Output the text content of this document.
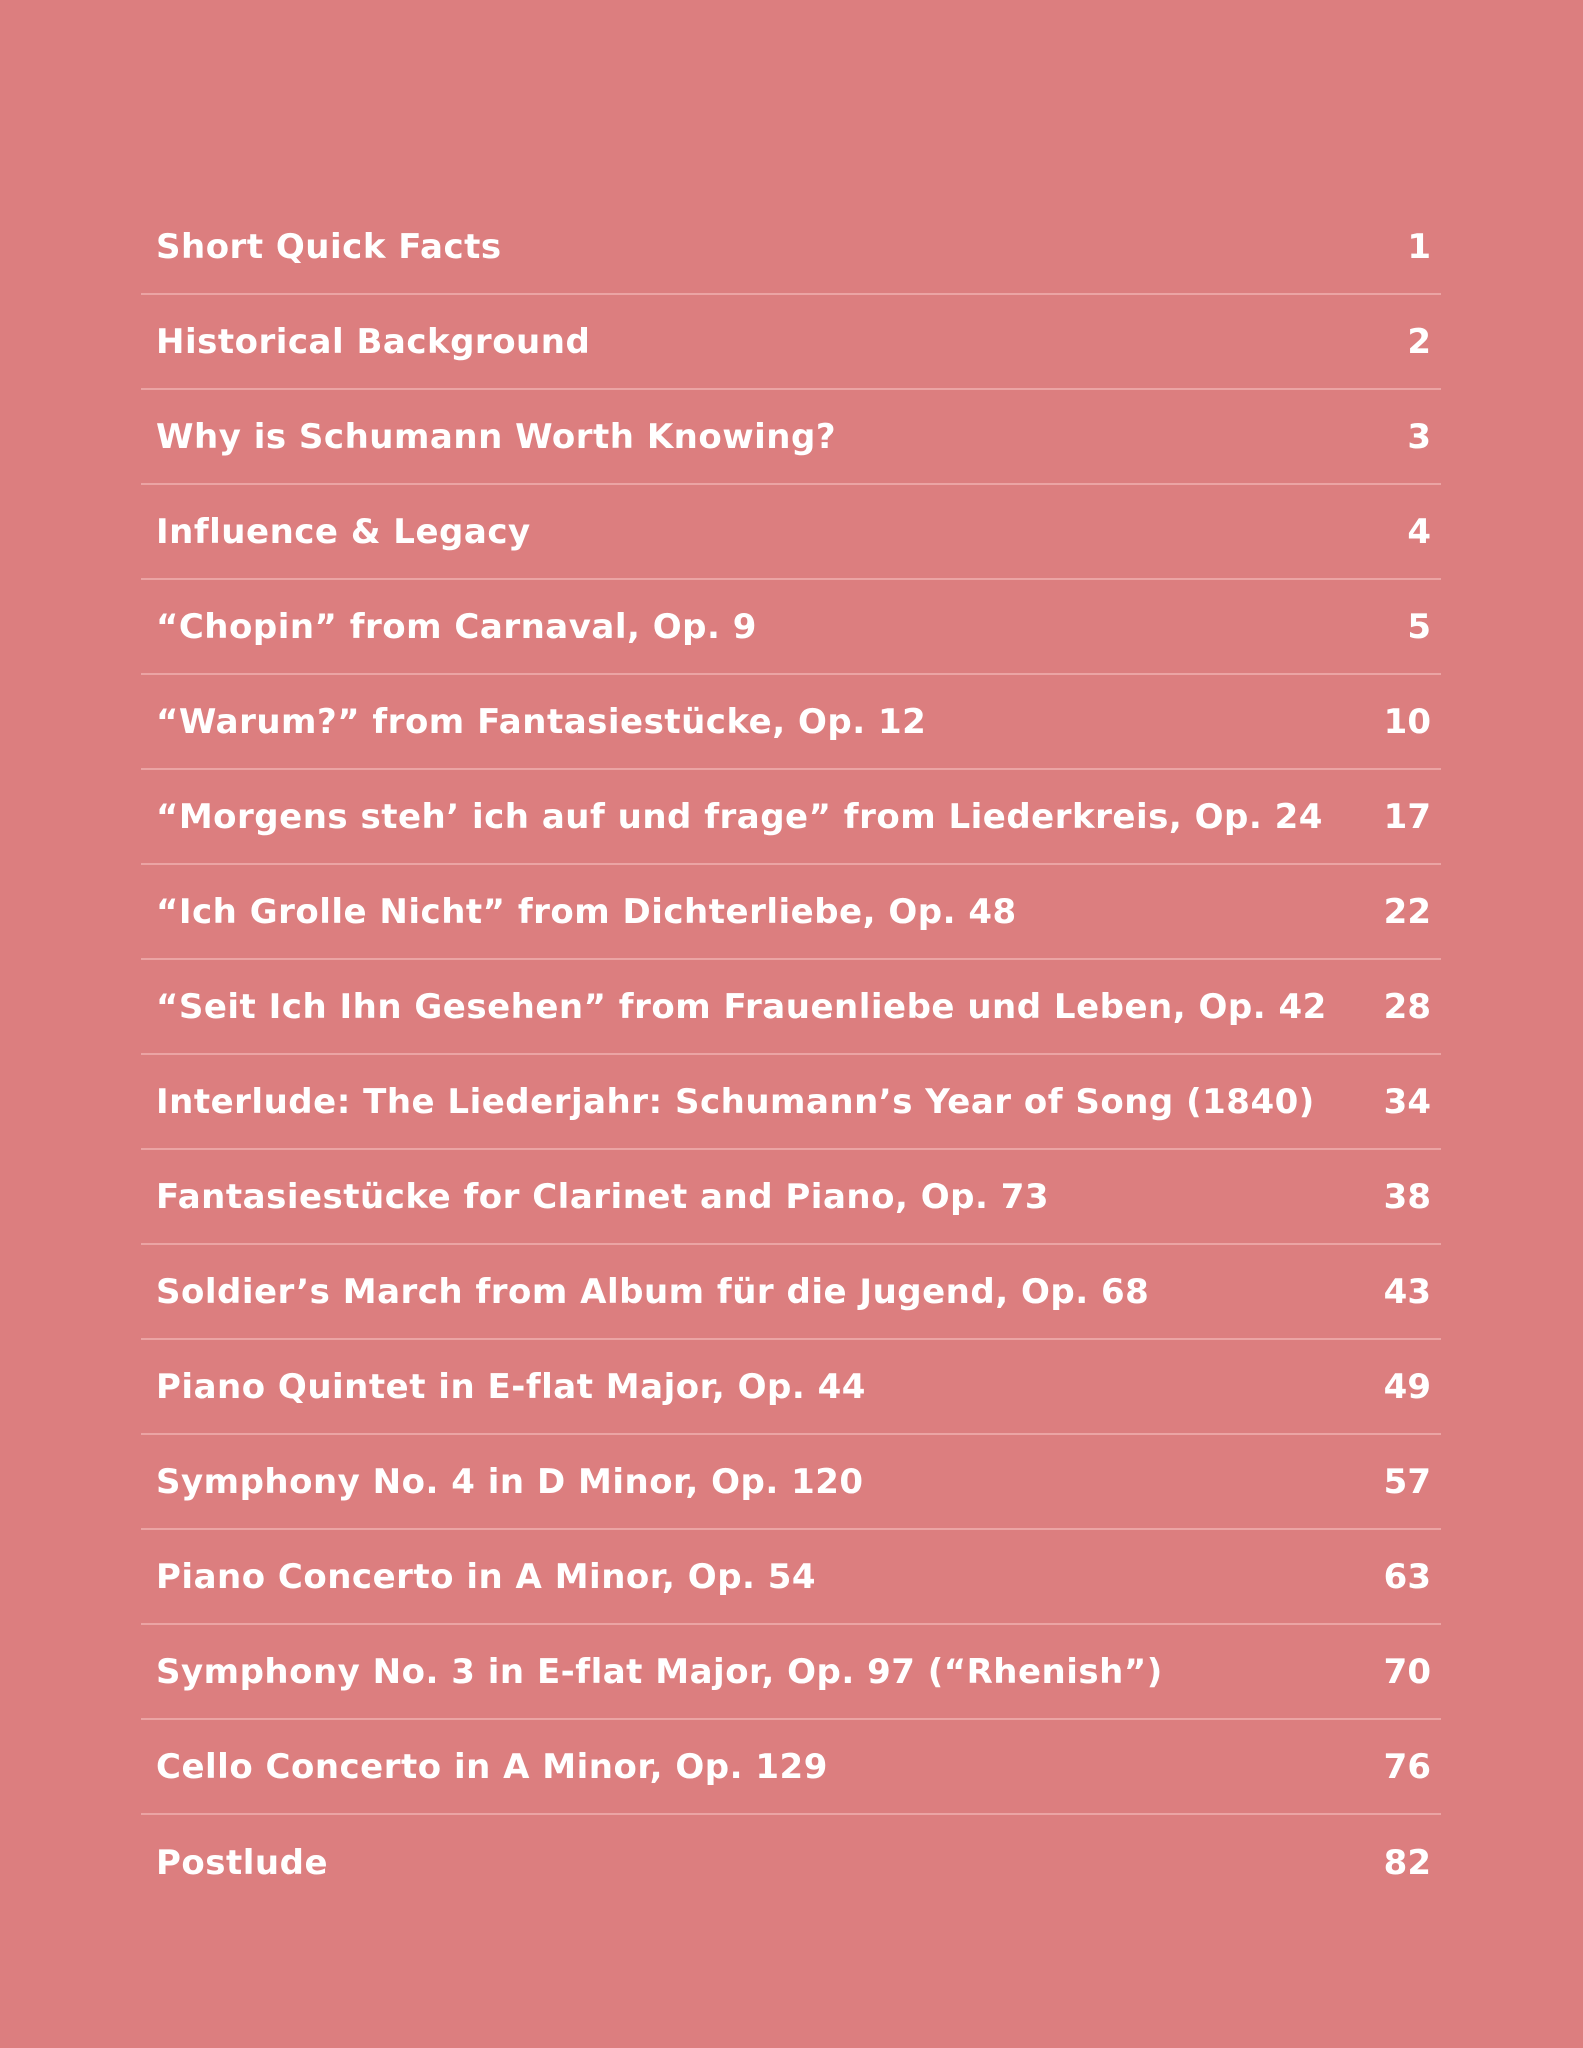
Short Quick Facts	1
Historical Background	2
Why is Schumann Worth Knowing?	3
Influence & Legacy	4
“Chopin” from Carnaval, Op. 9	5
“Warum?” from Fantasiestücke, Op. 12	10
“Morgens steh’ ich auf und frage” from Liederkreis, Op. 24	17
“Ich Grolle Nicht” from Dichterliebe, Op. 48	22
“Seit Ich Ihn Gesehen” from Frauenliebe und Leben, Op. 42	28
Interlude: The Liederjahr: Schumann’s Year of Song (1840)	34
Fantasiestücke for Clarinet and Piano, Op. 73	38
Soldier’s March from Album für die Jugend, Op. 68	43
Piano Quintet in E-flat Major, Op. 44	49
Symphony No. 4 in D Minor, Op. 120	57
Piano Concerto in A Minor, Op. 54	63
Symphony No. 3 in E-flat Major, Op. 97 (“Rhenish”)	70
Cello Concerto in A Minor, Op. 129	76
Postlude	82
